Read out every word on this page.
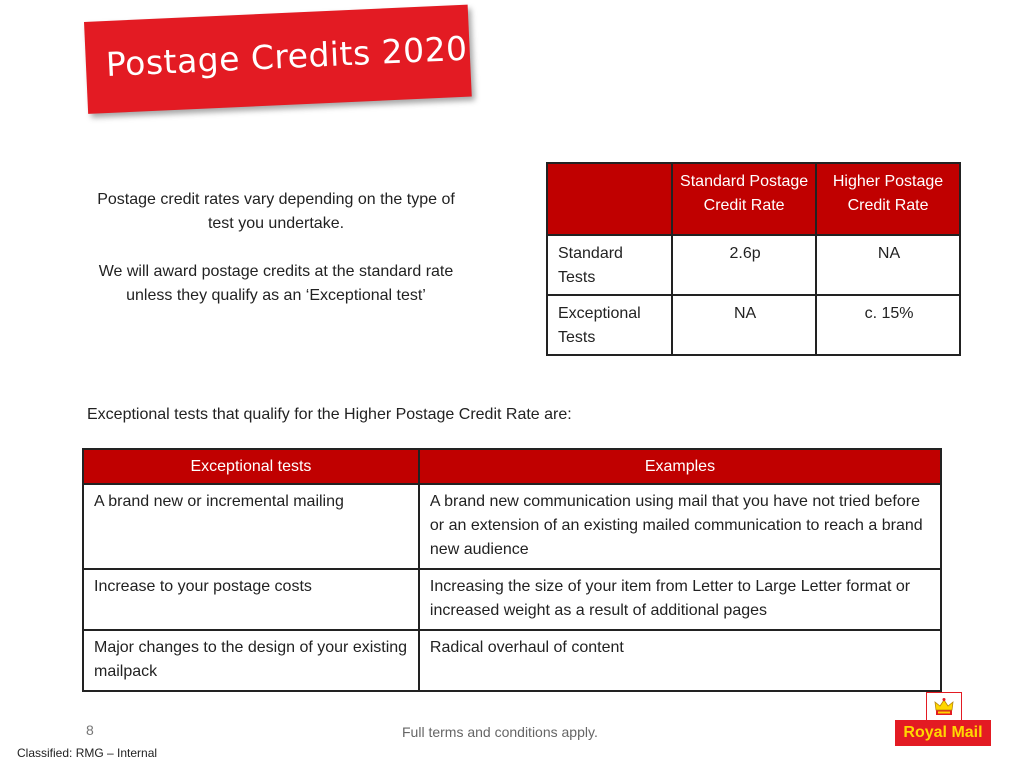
Postage Credits 2020

Postage credit rates vary depending on the type of test you undertake.

We will award postage credits at the standard rate unless they qualify as an ‘Exceptional test’

	Standard Postage Credit Rate	Higher Postage Credit Rate
Standard Tests	2.6p	NA
Exceptional Tests	NA	c. 15%
Exceptional tests that qualify for the Higher Postage Credit Rate are:
Exceptional tests	Examples
A brand new or incremental mailing	A brand new communication using mail that you have not tried before or an extension of an existing mailed communication to reach a brand new audience
Increase to your postage costs	Increasing the size of your item from Letter to Large Letter format or increased weight as a result of additional pages
Major changes to the design of your existing mailpack	Radical overhaul of content
8	Full terms and conditions apply.
Classified: RMG – Internal
Royal Mail
